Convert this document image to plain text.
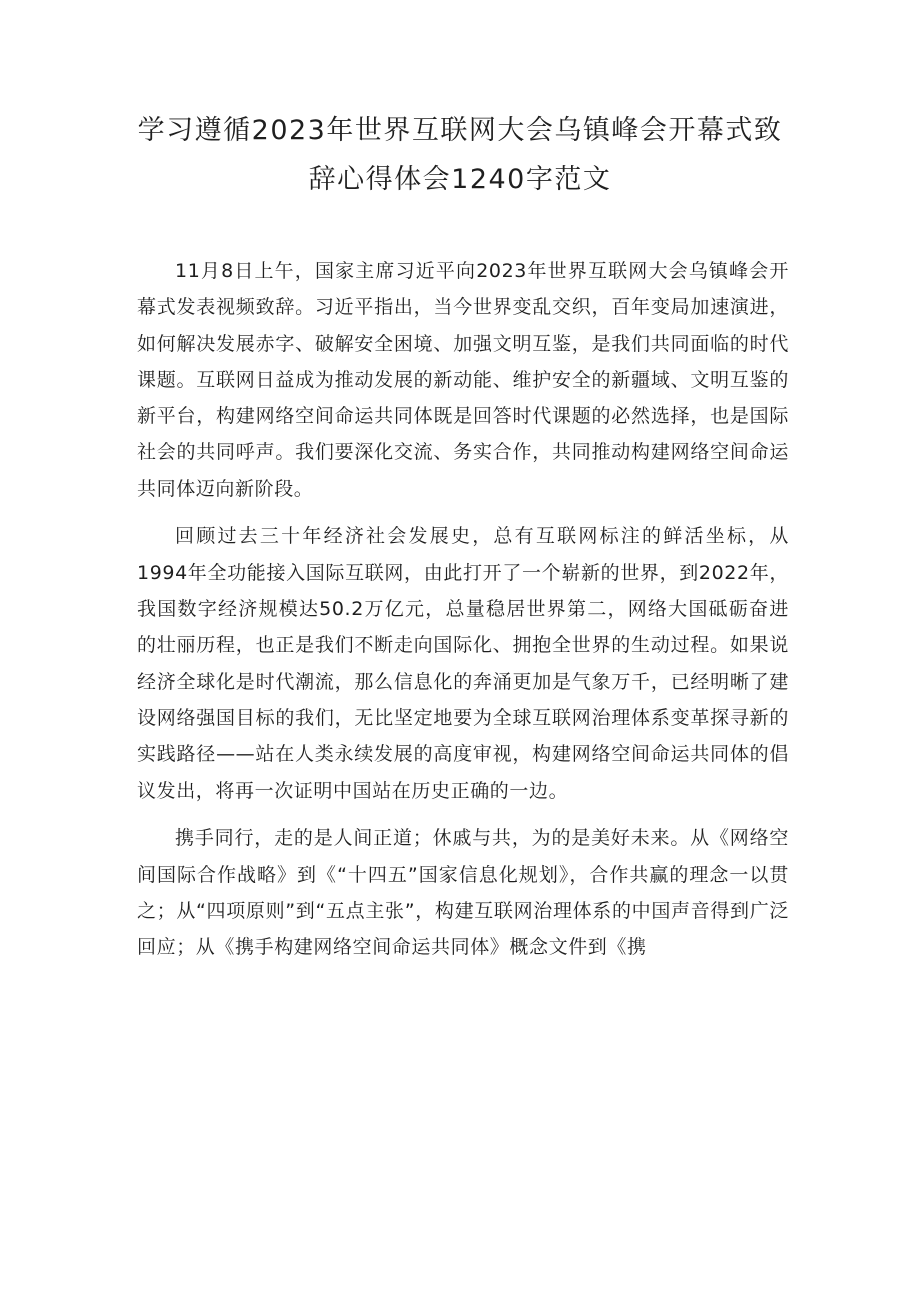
学习遵循2023年世界互联网大会乌镇峰会开幕式致
辞心得体会1240字范文

11月8日上午，国家主席习近平向2023年世界互联网大会乌镇峰会开幕式发表视频致辞。习近平指出，当今世界变乱交织，百年变局加速演进，如何解决发展赤字、破解安全困境、加强文明互鉴，是我们共同面临的时代课题。互联网日益成为推动发展的新动能、维护安全的新疆域、文明互鉴的新平台，构建网络空间命运共同体既是回答时代课题的必然选择，也是国际社会的共同呼声。我们要深化交流、务实合作，共同推动构建网络空间命运共同体迈向新阶段。

回顾过去三十年经济社会发展史，总有互联网标注的鲜活坐标，从1994年全功能接入国际互联网，由此打开了一个崭新的世界，到2022年，我国数字经济规模达50.2万亿元，总量稳居世界第二，网络大国砥砺奋进的壮丽历程，也正是我们不断走向国际化、拥抱全世界的生动过程。如果说经济全球化是时代潮流，那么信息化的奔涌更加是气象万千，已经明晰了建设网络强国目标的我们，无比坚定地要为全球互联网治理体系变革探寻新的实践路径——站在人类永续发展的高度审视，构建网络空间命运共同体的倡议发出，将再一次证明中国站在历史正确的一边。

携手同行，走的是人间正道；休戚与共，为的是美好未来。从《网络空间国际合作战略》到《“十四五”国家信息化规划》，合作共赢的理念一以贯之；从“四项原则”到“五点主张”，构建互联网治理体系的中国声音得到广泛回应；从《携手构建网络空间命运共同体》概念文件到《携
